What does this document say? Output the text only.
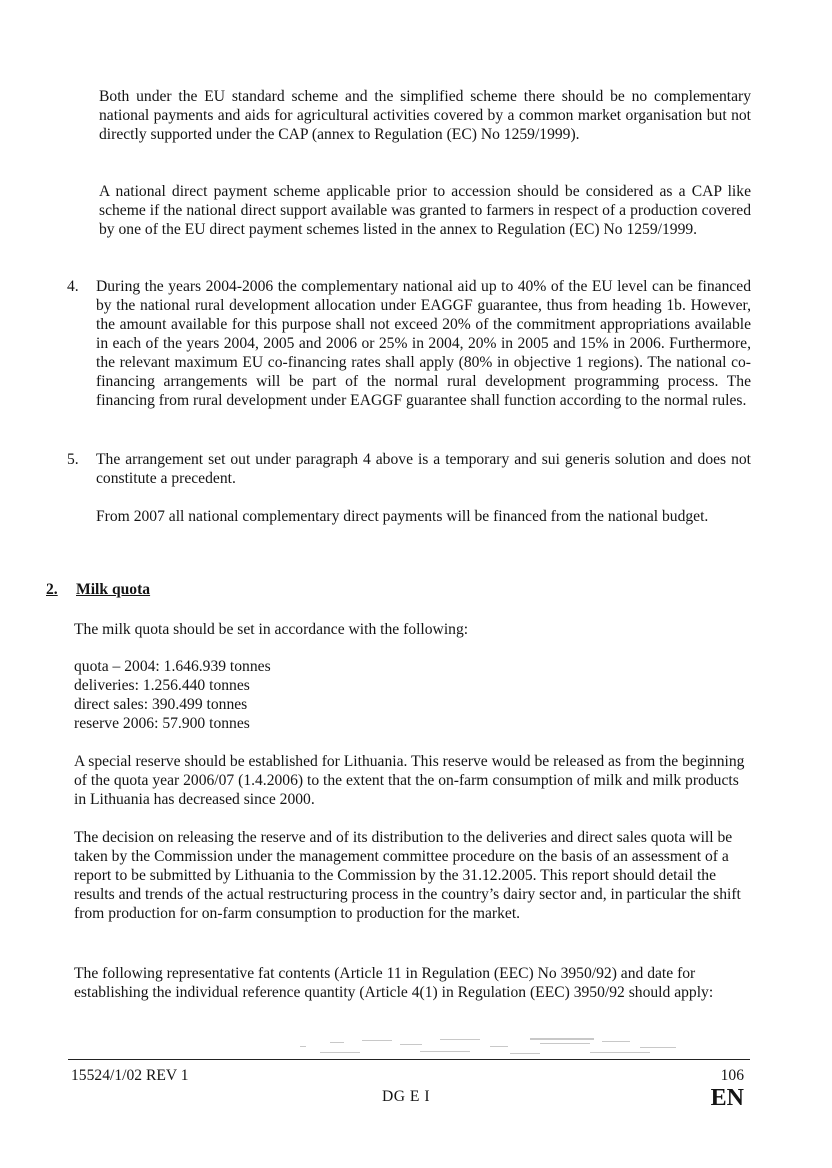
Both under the EU standard scheme and the simplified scheme there should be no complementary national payments and aids for agricultural activities covered by a common market organisation but not directly supported under the CAP (annex to Regulation (EC) No 1259/1999).

A national direct payment scheme applicable prior to accession should be considered as a CAP like scheme if the national direct support available was granted to farmers in respect of a production covered by one of the EU direct payment schemes listed in the annex to Regulation (EC) No 1259/1999.

4. During the years 2004-2006 the complementary national aid up to 40% of the EU level can be financed by the national rural development allocation under EAGGF guarantee, thus from heading 1b. However, the amount available for this purpose shall not exceed 20% of the commitment appropriations available in each of the years 2004, 2005 and 2006 or 25% in 2004, 20% in 2005 and 15% in 2006. Furthermore, the relevant maximum EU co-financing rates shall apply (80% in objective 1 regions). The national co-financing arrangements will be part of the normal rural development programming process. The financing from rural development under EAGGF guarantee shall function according to the normal rules.

5. The arrangement set out under paragraph 4 above is a temporary and sui generis solution and does not constitute a precedent.

From 2007 all national complementary direct payments will be financed from the national budget.

2. Milk quota

The milk quota should be set in accordance with the following:

quota – 2004: 1.646.939 tonnes
deliveries: 1.256.440 tonnes
direct sales: 390.499 tonnes
reserve 2006: 57.900 tonnes

A special reserve should be established for Lithuania. This reserve would be released as from the beginning of the quota year 2006/07 (1.4.2006) to the extent that the on-farm consumption of milk and milk products in Lithuania has decreased since 2000.

The decision on releasing the reserve and of its distribution to the deliveries and direct sales quota will be taken by the Commission under the management committee procedure on the basis of an assessment of a report to be submitted by Lithuania to the Commission by the 31.12.2005. This report should detail the results and trends of the actual restructuring process in the country’s dairy sector and, in particular the shift from production for on-farm consumption to production for the market.

The following representative fat contents (Article 11 in Regulation (EEC) No 3950/92) and date for establishing the individual reference quantity (Article 4(1) in Regulation (EEC) 3950/92 should apply:

15524/1/02 REV 1	106
DG E I	EN
